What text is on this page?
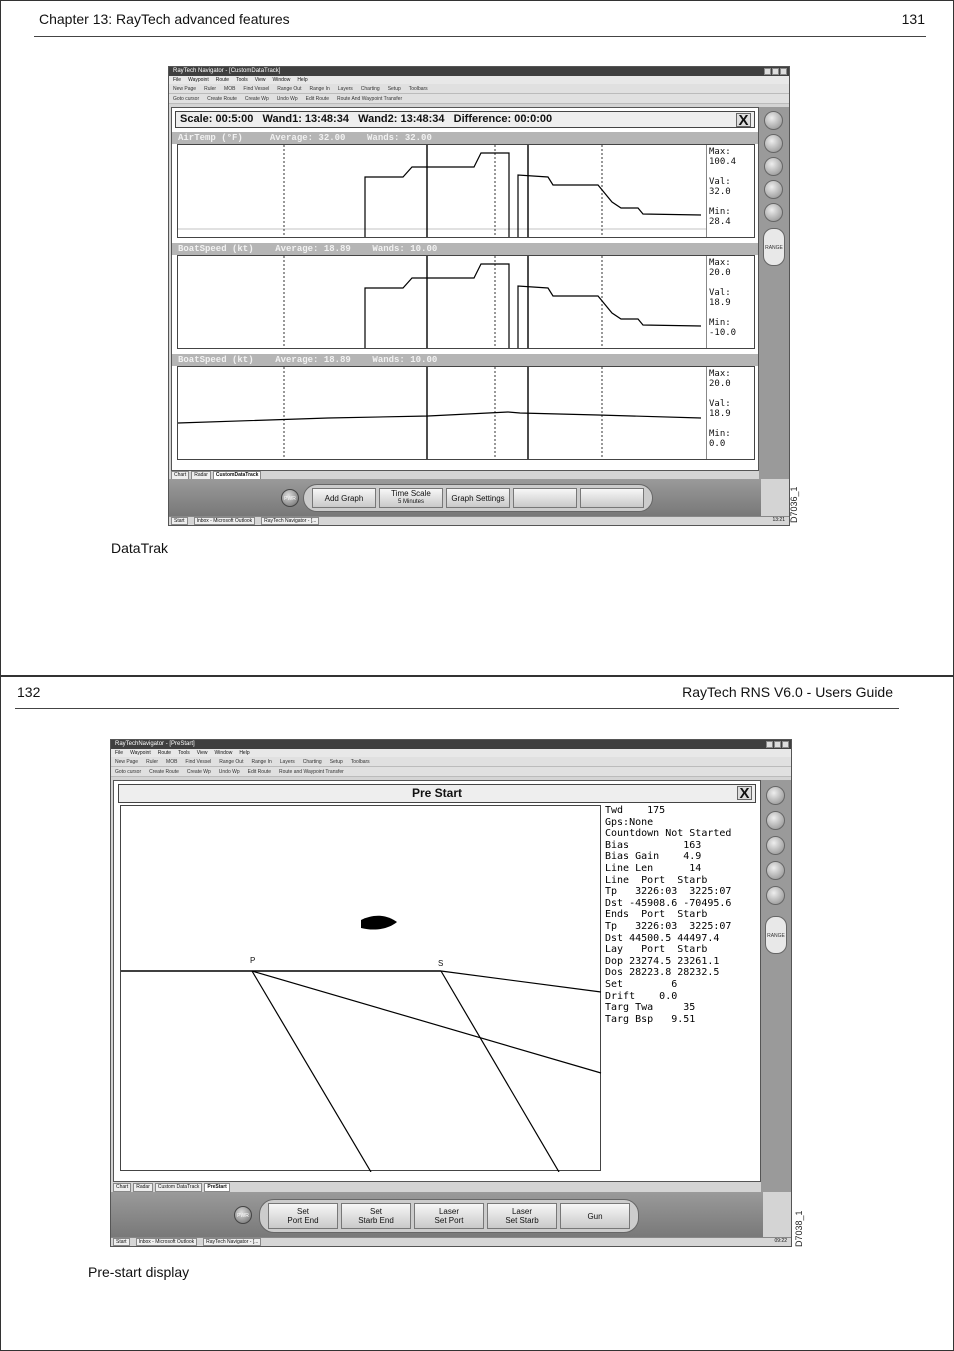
Chapter 13: RayTech advanced features	131
RayTech Navigator - [CustomDataTrack]
File Waypoint Route Tools View Window Help
New Page Ruler MOB Find Vessel Range Out Range In Layers Charting Setup Toolbars
Goto cursor Create Route Create Wp Undo Wp Edit Route Route And Waypoint Transfer
Scale: 00:5:00   Wand1: 13:48:34   Wand2: 13:48:34   Difference: 00:0:00	X
AirTemp (°F)     Average: 32.00    Wands: 32.00
Max:
100.4

Val:
32.0

Min:
28.4
BoatSpeed (kt)    Average: 18.89    Wands: 10.00
Max:
20.0

Val:
18.9

Min:
-10.0
BoatSpeed (kt)    Average: 18.89    Wands: 10.00
Max:
20.0

Val:
18.9

Min:
0.0
Chart	Radar	CustomDataTrack
RANGE
PWR	Add Graph	Time Scale
5 Minutes	Graph Settings
Start	Inbox - Microsoft Outlook	RayTech Navigator - [...	13:21 D7036_1
DataTrak
132	RayTech RNS V6.0 - Users Guide
RayTechNavigator - [PreStart]
File Waypoint Route Tools View Window Help
New Page Ruler MOB Find Vessel Range Out Range In Layers Charting Setup Toolbars
Goto cursor Create Route Create Wp Undo Wp Edit Route Route and Waypoint Transfer
Pre Start	X
P	S
Twd    175
Gps:None
Countdown Not Started
Bias         163
Bias Gain    4.9
Line Len      14
Line  Port  Starb
Tp   3226:03  3225:07
Dst -45908.6 -70495.6
Ends  Port  Starb
Tp   3226:03  3225:07
Dst 44500.5 44497.4
Lay   Port  Starb
Dop 23274.5 23261.1
Dos 28223.8 28232.5
Set        6
Drift    0.0
Targ Twa     35
Targ Bsp   9.51
Chart	Radar	Custom DataTrack	PreStart
RANGE
PWR	Set
Port End
Set
Starb End
Laser
Set Port
Laser
Set Starb	Gun
Start	Inbox - Microsoft Outlook	RayTech Navigator - [...	09:22 D7038_1
Pre-start display
